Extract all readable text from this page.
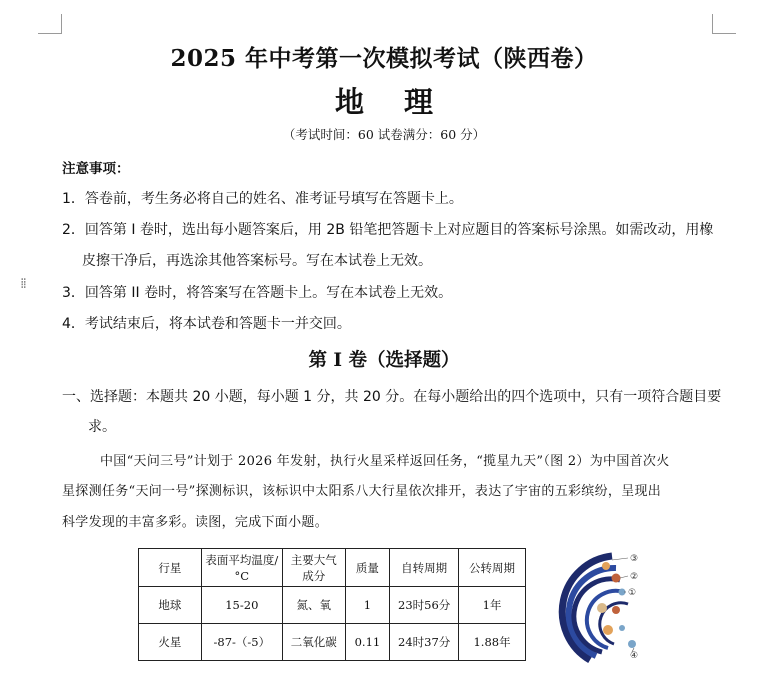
⁞⁞
2025 年中考第一次模拟考试（陕西卷）
地 理
（考试时间：60 试卷满分：60 分）
注意事项：
1．答卷前，考生务必将自己的姓名、准考证号填写在答题卡上。
2．回答第 I 卷时，选出每小题答案后，用 2B 铅笔把答题卡上对应题目的答案标号涂黑。如需改动，用橡
皮擦干净后，再选涂其他答案标号。写在本试卷上无效。
3．回答第 II 卷时，将答案写在答题卡上。写在本试卷上无效。
4．考试结束后，将本试卷和答题卡一并交回。
第 I 卷（选择题）
一、选择题：本题共 20 小题，每小题 1 分，共 20 分。在每小题给出的四个选项中，只有一项符合题目要
求。
中国“天问三号”计划于 2026 年发射，执行火星采样返回任务，“揽星九天”（图 2）为中国首次火
星探测任务“天问一号”探测标识，该标识中太阳系八大行星依次排开，表达了宇宙的五彩缤纷，呈现出
科学发现的丰富多彩。读图，完成下面小题。
行星	表面平均温度/°C	主要大气成分	质量	自转周期	公转周期
地球	15-20	氮、氧	1	23时56分	1年
火星	-87-（-5）	二氧化碳	0.11	24时37分	1.88年
③
②
①
④
